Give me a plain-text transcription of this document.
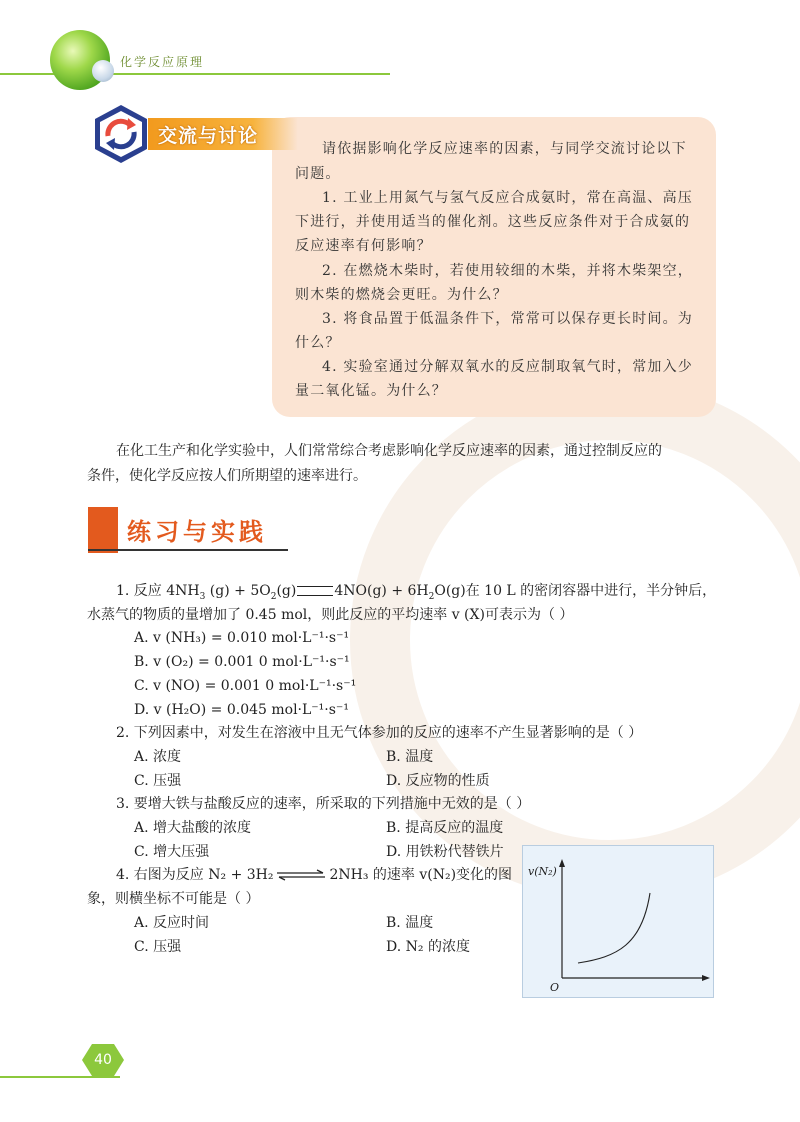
化学反应原理
交流与讨论
请依据影响化学反应速率的因素，与同学交流讨论以下
问题。
1. 工业上用氮气与氢气反应合成氨时，常在高温、高压
下进行，并使用适当的催化剂。这些反应条件对于合成氨的
反应速率有何影响？
2. 在燃烧木柴时，若使用较细的木柴，并将木柴架空，
则木柴的燃烧会更旺。为什么？
3. 将食品置于低温条件下，常常可以保存更长时间。为
什么？
4. 实验室通过分解双氧水的反应制取氧气时，常加入少
量二氧化锰。为什么？
在化工生产和化学实验中，人们常常综合考虑影响化学反应速率的因素，通过控制反应的
条件，使化学反应按人们所期望的速率进行。
练习与实践
1. 反应 $4NH_3$ $(g) + 5O_2(g)$	$4NO(g) + 6H_2O(g)$在 10 L 的密闭容器中进行，半分钟后，
水蒸气的物质的量增加了 0.45 mol，则此反应的平均速率 v (X)可表示为（ ）
A. v (NH₃) = 0.010 mol·L⁻¹·s⁻¹
B. v (O₂) = 0.001 0 mol·L⁻¹·s⁻¹
C. v (NO) = 0.001 0 mol·L⁻¹·s⁻¹
D. v (H₂O) = 0.045 mol·L⁻¹·s⁻¹
2. 下列因素中，对发生在溶液中且无气体参加的反应的速率不产生显著影响的是（ ）
A. 浓度	B. 温度
C. 压强	D. 反应物的性质
3. 要增大铁与盐酸反应的速率，所采取的下列措施中无效的是（ ）
A. 增大盐酸的浓度	B. 提高反应的温度
C. 增大压强	D. 用铁粉代替铁片
4. 右图为反应 N₂ + 3H₂ ⇌ 2NH₃ 的速率 v(N₂)变化的图
象，则横坐标不可能是（ ）
A. 反应时间	B. 温度
C. 压强	D. N₂ 的浓度
v(N₂)
O
40
